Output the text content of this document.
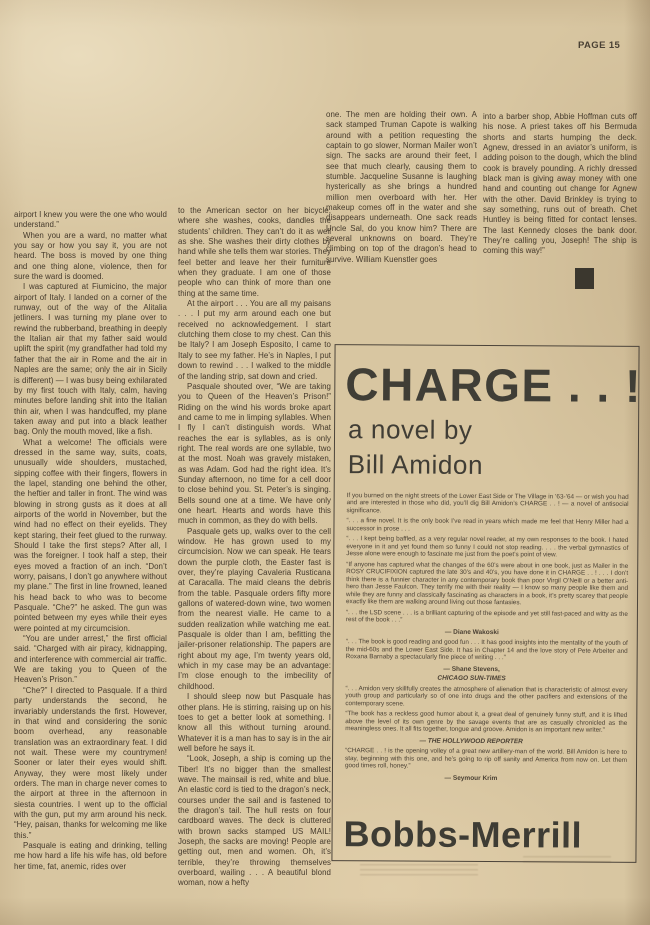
PAGE 15

airport I knew you were the one who would understand.”

When you are a ward, no matter what you say or how you say it, you are not heard. The boss is moved by one thing and one thing alone, violence, then for sure the ward is doomed.

I was captured at Fiumicino, the major airport of Italy. I landed on a corner of the runway, out of the way of the Alitalia jetliners. I was turning my plane over to rewind the rubberband, breathing in deeply the Italian air that my father said would uplift the spirit (my grandfather had told my father that the air in Rome and the air in Naples are the same; only the air in Sicily is different) — I was busy being exhilarated by my first touch with Italy, calm, having minutes before landing shit into the Italian thin air, when I was handcuffed, my plane taken away and put into a black leather bag. Only the mouth moved, like a fish.

What a welcome! The officials were dressed in the same way, suits, coats, unusually wide shoulders, mustached, sipping coffee with their fingers, flowers in the lapel, standing one behind the other, the heftier and taller in front. The wind was blowing in strong gusts as it does at all airports of the world in November, but the wind had no effect on their eyelids. They kept staring, their feet glued to the runway. Should I take the first steps? After all, I was the foreigner. I took half a step, their eyes moved a fraction of an inch. “Don’t worry, paisans, I don’t go anywhere without my plane.” The first in line frowned, leaned his head back to who was to become Pasquale. “Che?” he asked. The gun was pointed between my eyes while their eyes were pointed at my circumcision.

“You are under arrest,” the first official said. “Charged with air piracy, kidnapping, and interference with commercial air traffic. We are taking you to Queen of the Heaven’s Prison.”

“Che?” I directed to Pasquale. If a third party understands the second, he invariably understands the first. However, in that wind and considering the sonic boom overhead, any reasonable translation was an extraordinary feat. I did not wait. These were my countrymen! Sooner or later their eyes would shift. Anyway, they were most likely under orders. The man in charge never comes to the airport at three in the afternoon in siesta countries. I went up to the official with the gun, put my arm around his neck. “Hey, paisan, thanks for welcoming me like this.”

Pasquale is eating and drinking, telling me how hard a life his wife has, old before her time, fat, anemic, rides over

to the American sector on her bicycle, where she washes, cooks, dandles the students’ children. They can’t do it as well as she. She washes their dirty clothes by hand while she tells them war stories. They feel better and leave her their furniture when they graduate. I am one of those people who can think of more than one thing at the same time.

At the airport . . . You are all my paisans . . . I put my arm around each one but received no acknowledgement. I start clutching them close to my chest. Can this be Italy? I am Joseph Esposito, I came to Italy to see my father. He’s in Naples, I put down to rewind . . . I walked to the middle of the landing strip, sat down and cried.

Pasquale shouted over, “We are taking you to Queen of the Heaven’s Prison!” Riding on the wind his words broke apart and came to me in limping syllables. When I fly I can’t distinguish words. What reaches the ear is syllables, as is only right. The real words are one syllable, two at the most. Noah was gravely mistaken, as was Adam. God had the right idea. It’s Sunday afternoon, no time for a cell door to close behind you. St. Peter’s is singing. Bells sound one at a time. We have only one heart. Hearts and words have this much in common, as they do with bells.

Pasquale gets up, walks over to the cell window. He has grown used to my circumcision. Now we can speak. He tears down the purple cloth, the Easter fast is over, they’re playing Cavaleria Rusticana at Caracalla. The maid cleans the debris from the table. Pasquale orders fifty more gallons of watered-down wine, two women from the nearest vialle. He came to a sudden realization while watching me eat. Pasquale is older than I am, befitting the jailer-prisoner relationship. The papers are right about my age, I’m twenty years old, which in my case may be an advantage: I’m close enough to the imbecility of childhood.

I should sleep now but Pasquale has other plans. He is stirring, raising up on his toes to get a better look at something. I know all this without turning around. Whatever it is a man has to say is in the air well before he says it.

“Look, Joseph, a ship is coming up the Tiber! It’s no bigger than the smallest wave. The mainsail is red, white and blue. An elastic cord is tied to the dragon’s neck, courses under the sail and is fastened to the dragon’s tail. The hull rests on four cardboard waves. The deck is cluttered with brown sacks stamped US MAIL! Joseph, the sacks are moving! People are getting out, men and women. Oh, it’s terrible, they’re throwing themselves overboard, wailing . . . A beautiful blond woman, now a hefty

one. The men are holding their own. A sack stamped Truman Capote is walking around with a petition requesting the captain to go slower, Norman Mailer won’t sign. The sacks are around their feet, I see that much clearly, causing them to stumble. Jacqueline Susanne is laughing hysterically as she brings a hundred million men overboard with her. Her makeup comes off in the water and she disappears underneath. One sack reads Uncle Sal, do you know him? There are several unknowns on board. They’re climbing on top of the dragon’s head to survive. William Kuenstler goes

into a barber shop, Abbie Hoffman cuts off his nose. A priest takes off his Bermuda shorts and starts humping the deck. Agnew, dressed in an aviator’s uniform, is adding poison to the dough, which the blind cook is bravely pounding. A richly dressed black man is giving away money with one hand and counting out change for Agnew with the other. David Brinkley is trying to say something, runs out of breath. Chet Huntley is being fitted for contact lenses. The last Kennedy closes the bank door. They’re calling you, Joseph! The ship is coming this way!”

CHARGE . . !
a novel by
Bill Amidon

If you burned on the night streets of the Lower East Side or The Village in ’63-’64 — or wish you had and are interested in those who did, you’ll dig Bill Amidon’s CHARGE . . ! — a novel of antisocial significance.

“. . . a fine novel. It is the only book I’ve read in years which made me feel that Henry Miller had a successor in prose . . .

“. . . I kept being baffled, as a very regular novel reader, at my own responses to the book. I hated everyone in it and yet found them so funny I could not stop reading. . . . the verbal gymnastics of Jesse alone were enough to fascinate me just from the poet’s point of view.

“If anyone has captured what the changes of the 60’s were about in one book, just as Mailer in the ROSY CRUCIFIXION captured the late 30’s and 40’s, you have done it in CHARGE . . ! . . . I don’t think there is a funnier character in any contemporary book than poor Virgil O’Neill or a better anti-hero than Jesse Faulcon. They terrify me with their reality — I know so many people like them and while they are funny and classically fascinating as characters in a book, it’s pretty scarey that people exactly like them are walking around living out those fantasies.

“. . . the LSD scene . . . is a brilliant capturing of the episode and yet still fast-paced and witty as the rest of the book . . .”

— Diane Wakoski

“. . . The book is good reading and good fun . . . It has good insights into the mentality of the youth of the mid-60s and the Lower East Side. It has in Chapter 14 and the love story of Pete Arbeiter and Roxana Barnaby a spectacularly fine piece of writing . . .”

— Shane Stevens,

CHICAGO SUN-TIMES

“. . . Amidon very skillfully creates the atmosphere of alienation that is characteristic of almost every youth group and particularly so of one into drugs and the other pacifiers and extensions of the contemporary scene.

“The book has a reckless good humor about it, a great deal of genuinely funny stuff, and it is lifted above the level of its own genre by the savage events that are as casually chronicled as the meaningless ones. It all fits together, tongue and groove. Amidon is an important new writer.”

— THE HOLLYWOOD REPORTER

“CHARGE . . ! is the opening volley of a great new artillery-man of the world. Bill Amidon is here to stay, beginning with this one, and he’s going to rip off sanity and America from now on. Let them good times roll, honey.”

— Seymour Krim

Bobbs-Merrill
